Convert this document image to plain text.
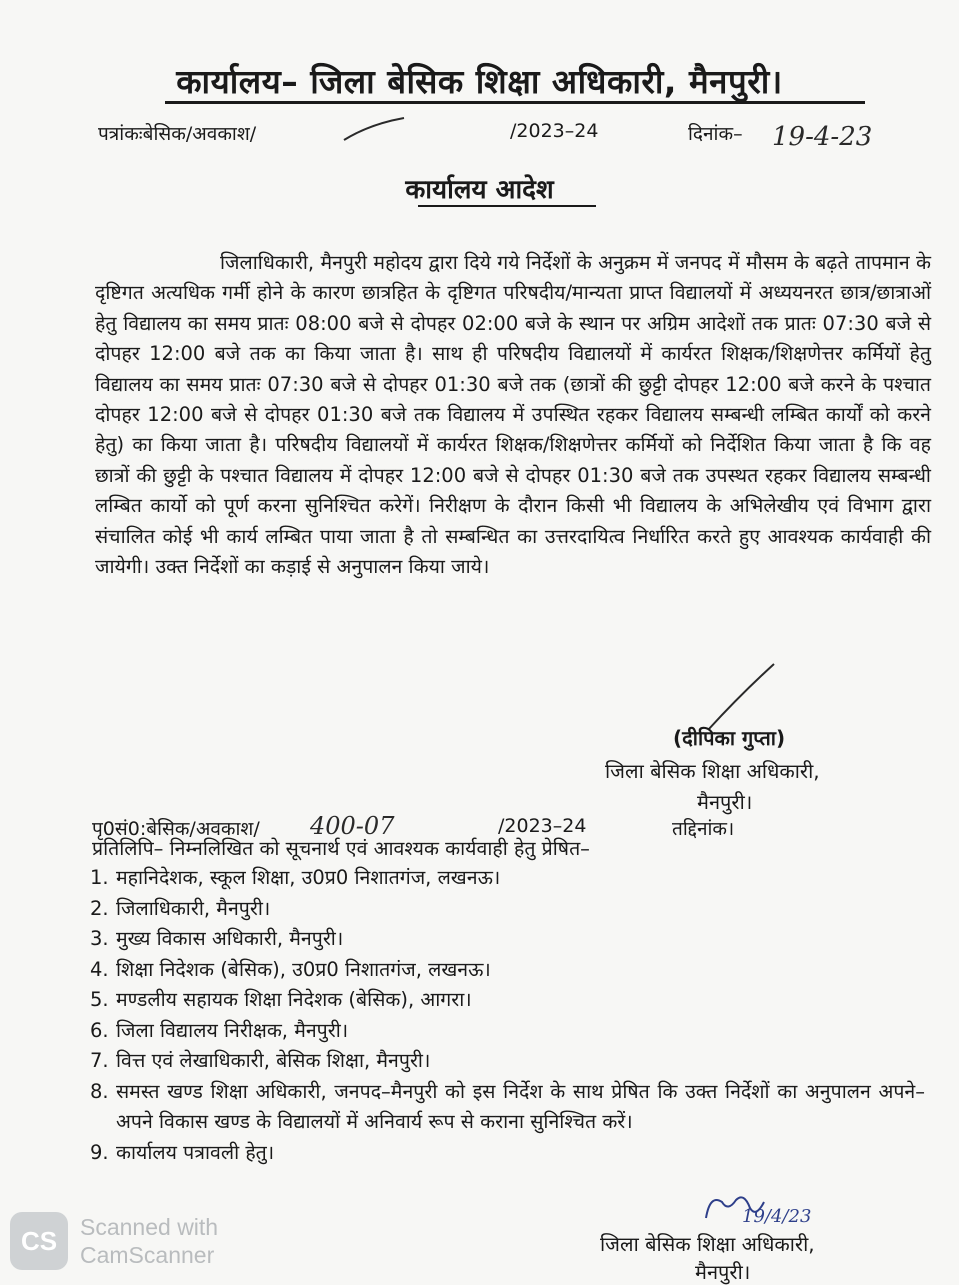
कार्यालय– जिला बेसिक शिक्षा अधिकारी, मैनपुरी।
पत्रांकःबेसिक/अवकाश/	/2023–24	दिनांक– 19-4-23
कार्यालय आदेश
जिलाधिकारी, मैनपुरी महोदय द्वारा दिये गये निर्देशों के अनुक्रम में जनपद में मौसम के बढ़ते तापमान के दृष्टिगत अत्यधिक गर्मी होने के कारण छात्रहित के दृष्टिगत परिषदीय/मान्यता प्राप्त विद्यालयों में अध्ययनरत छात्र/छात्राओं हेतु विद्यालय का समय प्रातः 08:00 बजे से दोपहर 02:00 बजे के स्थान पर अग्रिम आदेशों तक प्रातः 07:30 बजे से दोपहर 12:00 बजे तक का किया जाता है। साथ ही परिषदीय विद्यालयों में कार्यरत शिक्षक/शिक्षणेत्तर कर्मियों हेतु विद्यालय का समय प्रातः 07:30 बजे से दोपहर 01:30 बजे तक (छात्रों की छुट्टी दोपहर 12:00 बजे करने के पश्चात दोपहर 12:00 बजे से दोपहर 01:30 बजे तक विद्यालय में उपस्थित रहकर विद्यालय सम्बन्धी लम्बित कार्यों को करने हेतु) का किया जाता है। परिषदीय विद्यालयों में कार्यरत शिक्षक/शिक्षणेत्तर कर्मियों को निर्देशित किया जाता है कि वह छात्रों की छुट्टी के पश्चात विद्यालय में दोपहर 12:00 बजे से दोपहर 01:30 बजे तक उपस्थत रहकर विद्यालय सम्बन्धी लम्बित कार्यो को पूर्ण करना सुनिश्चित करेगें। निरीक्षण के दौरान किसी भी विद्यालय के अभिलेखीय एवं विभाग द्वारा संचालित कोई भी कार्य लम्बित पाया जाता है तो सम्बन्धित का उत्तरदायित्व निर्धारित करते हुए आवश्यक कार्यवाही की जायेगी। उक्त निर्देशों का कड़ाई से अनुपालन किया जाये।
(दीपिका गुप्ता)
जिला बेसिक शिक्षा अधिकारी,
मैनपुरी।
पृ0सं0:बेसिक/अवकाश/ 400-07	/2023–24	तद्दिनांक।
प्रतिलिपि– निम्नलिखित को सूचनार्थ एवं आवश्यक कार्यवाही हेतु प्रेषित–
1. महानिदेशक, स्कूल शिक्षा, उ0प्र0 निशातगंज, लखनऊ।
2. जिलाधिकारी, मैनपुरी।
3. मुख्य विकास अधिकारी, मैनपुरी।
4. शिक्षा निदेशक (बेसिक), उ0प्र0 निशातगंज, लखनऊ।
5. मण्डलीय सहायक शिक्षा निदेशक (बेसिक), आगरा।
6. जिला विद्यालय निरीक्षक, मैनपुरी।
7. वित्त एवं लेखाधिकारी, बेसिक शिक्षा, मैनपुरी।
8. समस्त खण्ड शिक्षा अधिकारी, जनपद–मैनपुरी को इस निर्देश के साथ प्रेषित कि उक्त निर्देशों का अनुपालन अपने–अपने विकास खण्ड के विद्यालयों में अनिवार्य रूप से कराना सुनिश्चित करें।
9. कार्यालय पत्रावली हेतु।
19/4/23
जिला बेसिक शिक्षा अधिकारी,
मैनपुरी।
CS Scanned with
CamScanner
